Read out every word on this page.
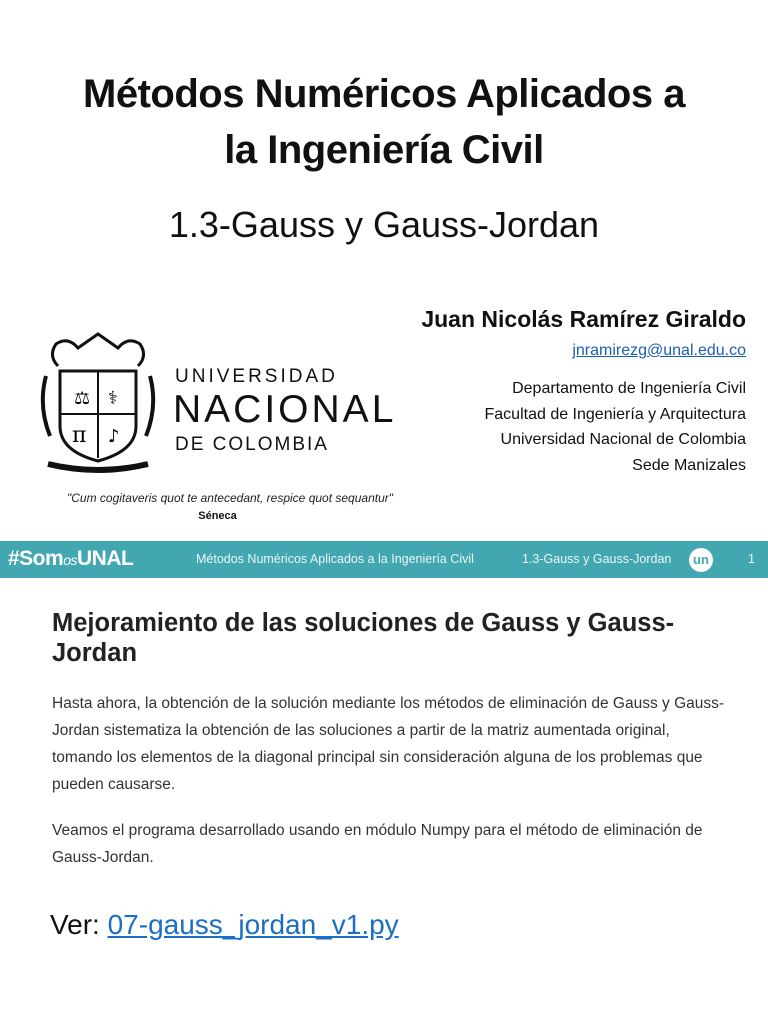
Métodos Numéricos Aplicados a
la Ingeniería Civil
1.3-Gauss y Gauss-Jordan
⚖ ⚕
π ♪
UNIVERSIDAD
NACIONAL
DE COLOMBIA
Juan Nicolás Ramírez Giraldo
jnramirezg@unal.edu.co
Departamento de Ingeniería Civil
Facultad de Ingeniería y Arquitectura
Universidad Nacional de Colombia
Sede Manizales
"Cum cogitaveris quot te antecedant, respice quot sequantur"
Séneca
#SomosUNAL	Métodos Numéricos Aplicados a la Ingeniería Civil	1.3-Gauss y Gauss-Jordan	un	1
Mejoramiento de las soluciones de Gauss y Gauss-Jordan
Hasta ahora, la obtención de la solución mediante los métodos de eliminación de Gauss y Gauss-Jordan sistematiza la obtención de las soluciones a partir de la matriz aumentada original, tomando los elementos de la diagonal principal sin consideración alguna de los problemas que pueden causarse.
Veamos el programa desarrollado usando en módulo Numpy para el método de eliminación de Gauss-Jordan.
Ver: 07-gauss_jordan_v1.py
